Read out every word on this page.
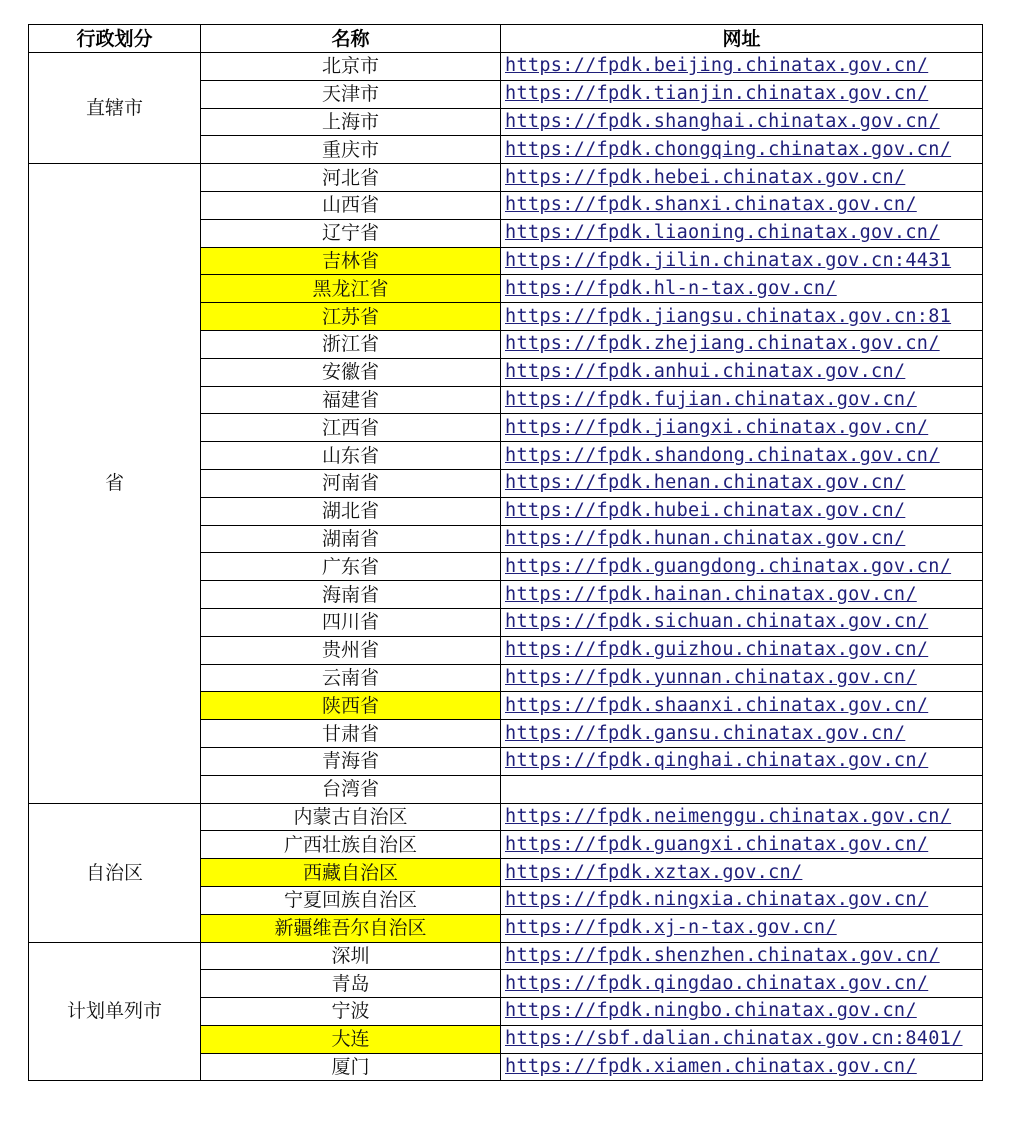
行政划分	名称	网址
直辖市	北京市	https://fpdk.beijing.chinatax.gov.cn/
	天津市	https://fpdk.tianjin.chinatax.gov.cn/
	上海市	https://fpdk.shanghai.chinatax.gov.cn/
	重庆市	https://fpdk.chongqing.chinatax.gov.cn/
省	河北省	https://fpdk.hebei.chinatax.gov.cn/
	山西省	https://fpdk.shanxi.chinatax.gov.cn/
	辽宁省	https://fpdk.liaoning.chinatax.gov.cn/
	吉林省	https://fpdk.jilin.chinatax.gov.cn:4431
	黑龙江省	https://fpdk.hl-n-tax.gov.cn/
	江苏省	https://fpdk.jiangsu.chinatax.gov.cn:81
	浙江省	https://fpdk.zhejiang.chinatax.gov.cn/
	安徽省	https://fpdk.anhui.chinatax.gov.cn/
	福建省	https://fpdk.fujian.chinatax.gov.cn/
	江西省	https://fpdk.jiangxi.chinatax.gov.cn/
	山东省	https://fpdk.shandong.chinatax.gov.cn/
	河南省	https://fpdk.henan.chinatax.gov.cn/
	湖北省	https://fpdk.hubei.chinatax.gov.cn/
	湖南省	https://fpdk.hunan.chinatax.gov.cn/
	广东省	https://fpdk.guangdong.chinatax.gov.cn/
	海南省	https://fpdk.hainan.chinatax.gov.cn/
	四川省	https://fpdk.sichuan.chinatax.gov.cn/
	贵州省	https://fpdk.guizhou.chinatax.gov.cn/
	云南省	https://fpdk.yunnan.chinatax.gov.cn/
	陕西省	https://fpdk.shaanxi.chinatax.gov.cn/
	甘肃省	https://fpdk.gansu.chinatax.gov.cn/
	青海省	https://fpdk.qinghai.chinatax.gov.cn/
	台湾省	
自治区	内蒙古自治区	https://fpdk.neimenggu.chinatax.gov.cn/
	广西壮族自治区	https://fpdk.guangxi.chinatax.gov.cn/
	西藏自治区	https://fpdk.xztax.gov.cn/
	宁夏回族自治区	https://fpdk.ningxia.chinatax.gov.cn/
	新疆维吾尔自治区	https://fpdk.xj-n-tax.gov.cn/
计划单列市	深圳	https://fpdk.shenzhen.chinatax.gov.cn/
	青岛	https://fpdk.qingdao.chinatax.gov.cn/
	宁波	https://fpdk.ningbo.chinatax.gov.cn/
	大连	https://sbf.dalian.chinatax.gov.cn:8401/
	厦门	https://fpdk.xiamen.chinatax.gov.cn/
